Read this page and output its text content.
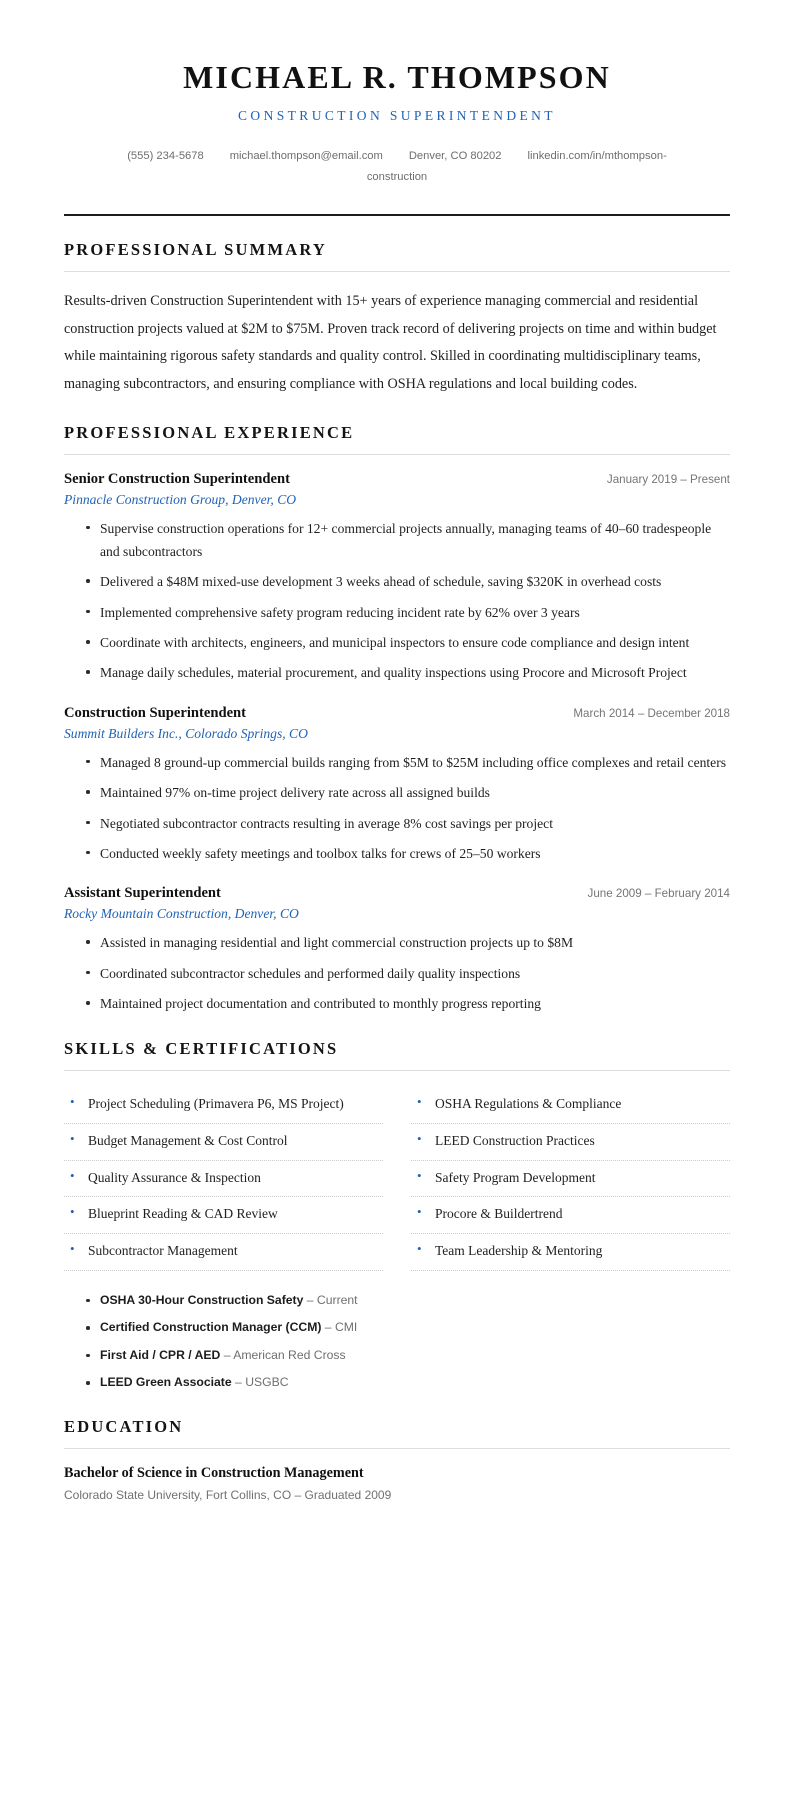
MICHAEL R. THOMPSON
CONSTRUCTION SUPERINTENDENT
(555) 234-5678 michael.thompson@email.com Denver, CO 80202 linkedin.com/in/mthompson-construction
PROFESSIONAL SUMMARY

Results-driven Construction Superintendent with 15+ years of experience managing commercial and residential construction projects valued at $2M to $75M. Proven track record of delivering projects on time and within budget while maintaining rigorous safety standards and quality control. Skilled in coordinating multidisciplinary teams, managing subcontractors, and ensuring compliance with OSHA regulations and local building codes.

PROFESSIONAL EXPERIENCE
Senior Construction Superintendent	January 2019 – Present
Pinnacle Construction Group, Denver, CO
Supervise construction operations for 12+ commercial projects annually, managing teams of 40–60 tradespeople and subcontractors
Delivered a $48M mixed-use development 3 weeks ahead of schedule, saving $320K in overhead costs
Implemented comprehensive safety program reducing incident rate by 62% over 3 years
Coordinate with architects, engineers, and municipal inspectors to ensure code compliance and design intent
Manage daily schedules, material procurement, and quality inspections using Procore and Microsoft Project
Construction Superintendent	March 2014 – December 2018
Summit Builders Inc., Colorado Springs, CO
Managed 8 ground-up commercial builds ranging from $5M to $25M including office complexes and retail centers
Maintained 97% on-time project delivery rate across all assigned builds
Negotiated subcontractor contracts resulting in average 8% cost savings per project
Conducted weekly safety meetings and toolbox talks for crews of 25–50 workers
Assistant Superintendent	June 2009 – February 2014
Rocky Mountain Construction, Denver, CO
Assisted in managing residential and light commercial construction projects up to $8M
Coordinated subcontractor schedules and performed daily quality inspections
Maintained project documentation and contributed to monthly progress reporting
SKILLS & CERTIFICATIONS
• Project Scheduling (Primavera P6, MS Project)
• Budget Management & Cost Control
• Quality Assurance & Inspection
• Blueprint Reading & CAD Review
• Subcontractor Management
• OSHA Regulations & Compliance
• LEED Construction Practices
• Safety Program Development
• Procore & Buildertrend
• Team Leadership & Mentoring
OSHA 30-Hour Construction Safety – Current
Certified Construction Manager (CCM) – CMI
First Aid / CPR / AED – American Red Cross
LEED Green Associate – USGBC
EDUCATION
Bachelor of Science in Construction Management
Colorado State University, Fort Collins, CO – Graduated 2009
